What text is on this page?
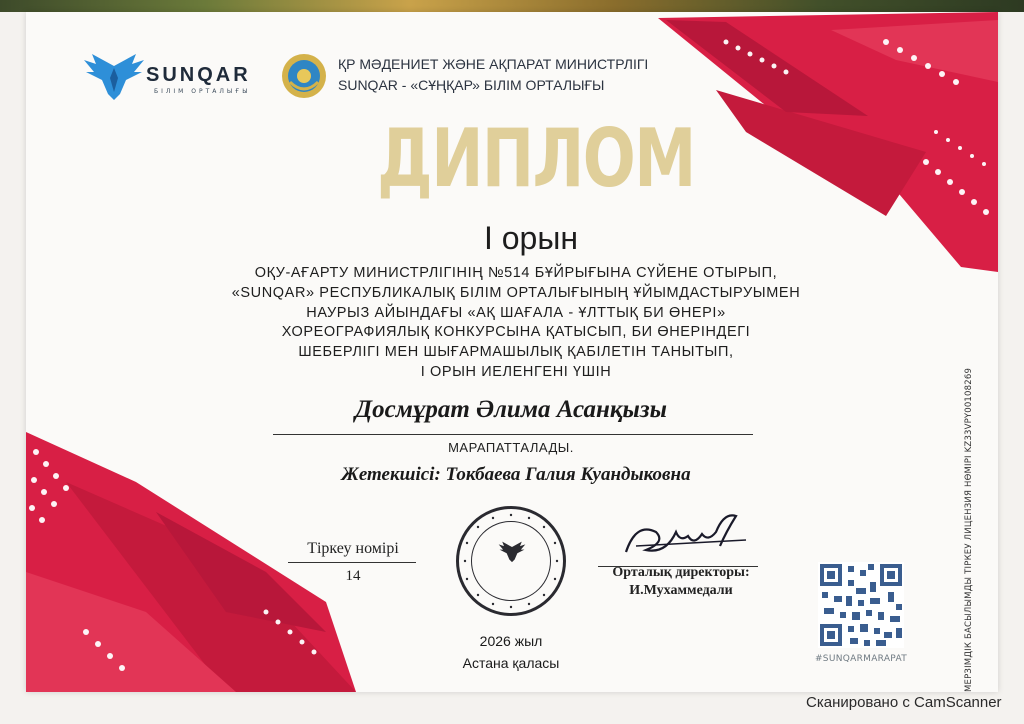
SUNQAR
БІЛІМ ОРТАЛЫҒЫ
ҚР МӘДЕНИЕТ ЖӘНЕ АҚПАРАТ МИНИСТРЛІГІ
SUNQAR - «СҰҢҚАР» БІЛІМ ОРТАЛЫҒЫ
ДИПЛОМ
I орын
ОҚУ-АҒАРТУ МИНИСТРЛІГІНІҢ №514 БҰЙРЫҒЫНА СҮЙЕНЕ ОТЫРЫП,
«SUNQAR» РЕСПУБЛИКАЛЫҚ БІЛІМ ОРТАЛЫҒЫНЫҢ ҰЙЫМДАСТЫРУЫМЕН
НАУРЫЗ АЙЫНДАҒЫ «АҚ ШАҒАЛА - ҰЛТТЫҚ БИ ӨНЕРІ»
ХОРЕОГРАФИЯЛЫҚ КОНКУРСЫНА ҚАТЫСЫП, БИ ӨНЕРІНДЕГІ
ШЕБЕРЛІГІ МЕН ШЫҒАРМАШЫЛЫҚ ҚАБІЛЕТІН ТАНЫТЫП,
I ОРЫН ИЕЛЕНГЕНІ ҮШІН
Досмұрат Әлима Асанқызы
МАРАПАТТАЛАДЫ.
Жетекшісі: Токбаева Галия Куандыковна
Тіркеу номірі
14
2026 жыл
Астана қаласы
Орталық директоры:
И.Мухаммедали
#SUNQARMARAPAT	МЕРЗІМДІК БАСЫЛЫМДЫ ТІРКЕУ ЛИЦЕНЗИЯ НӨМІРІ KZ33VPY00108269
Сканировано с CamScanner
